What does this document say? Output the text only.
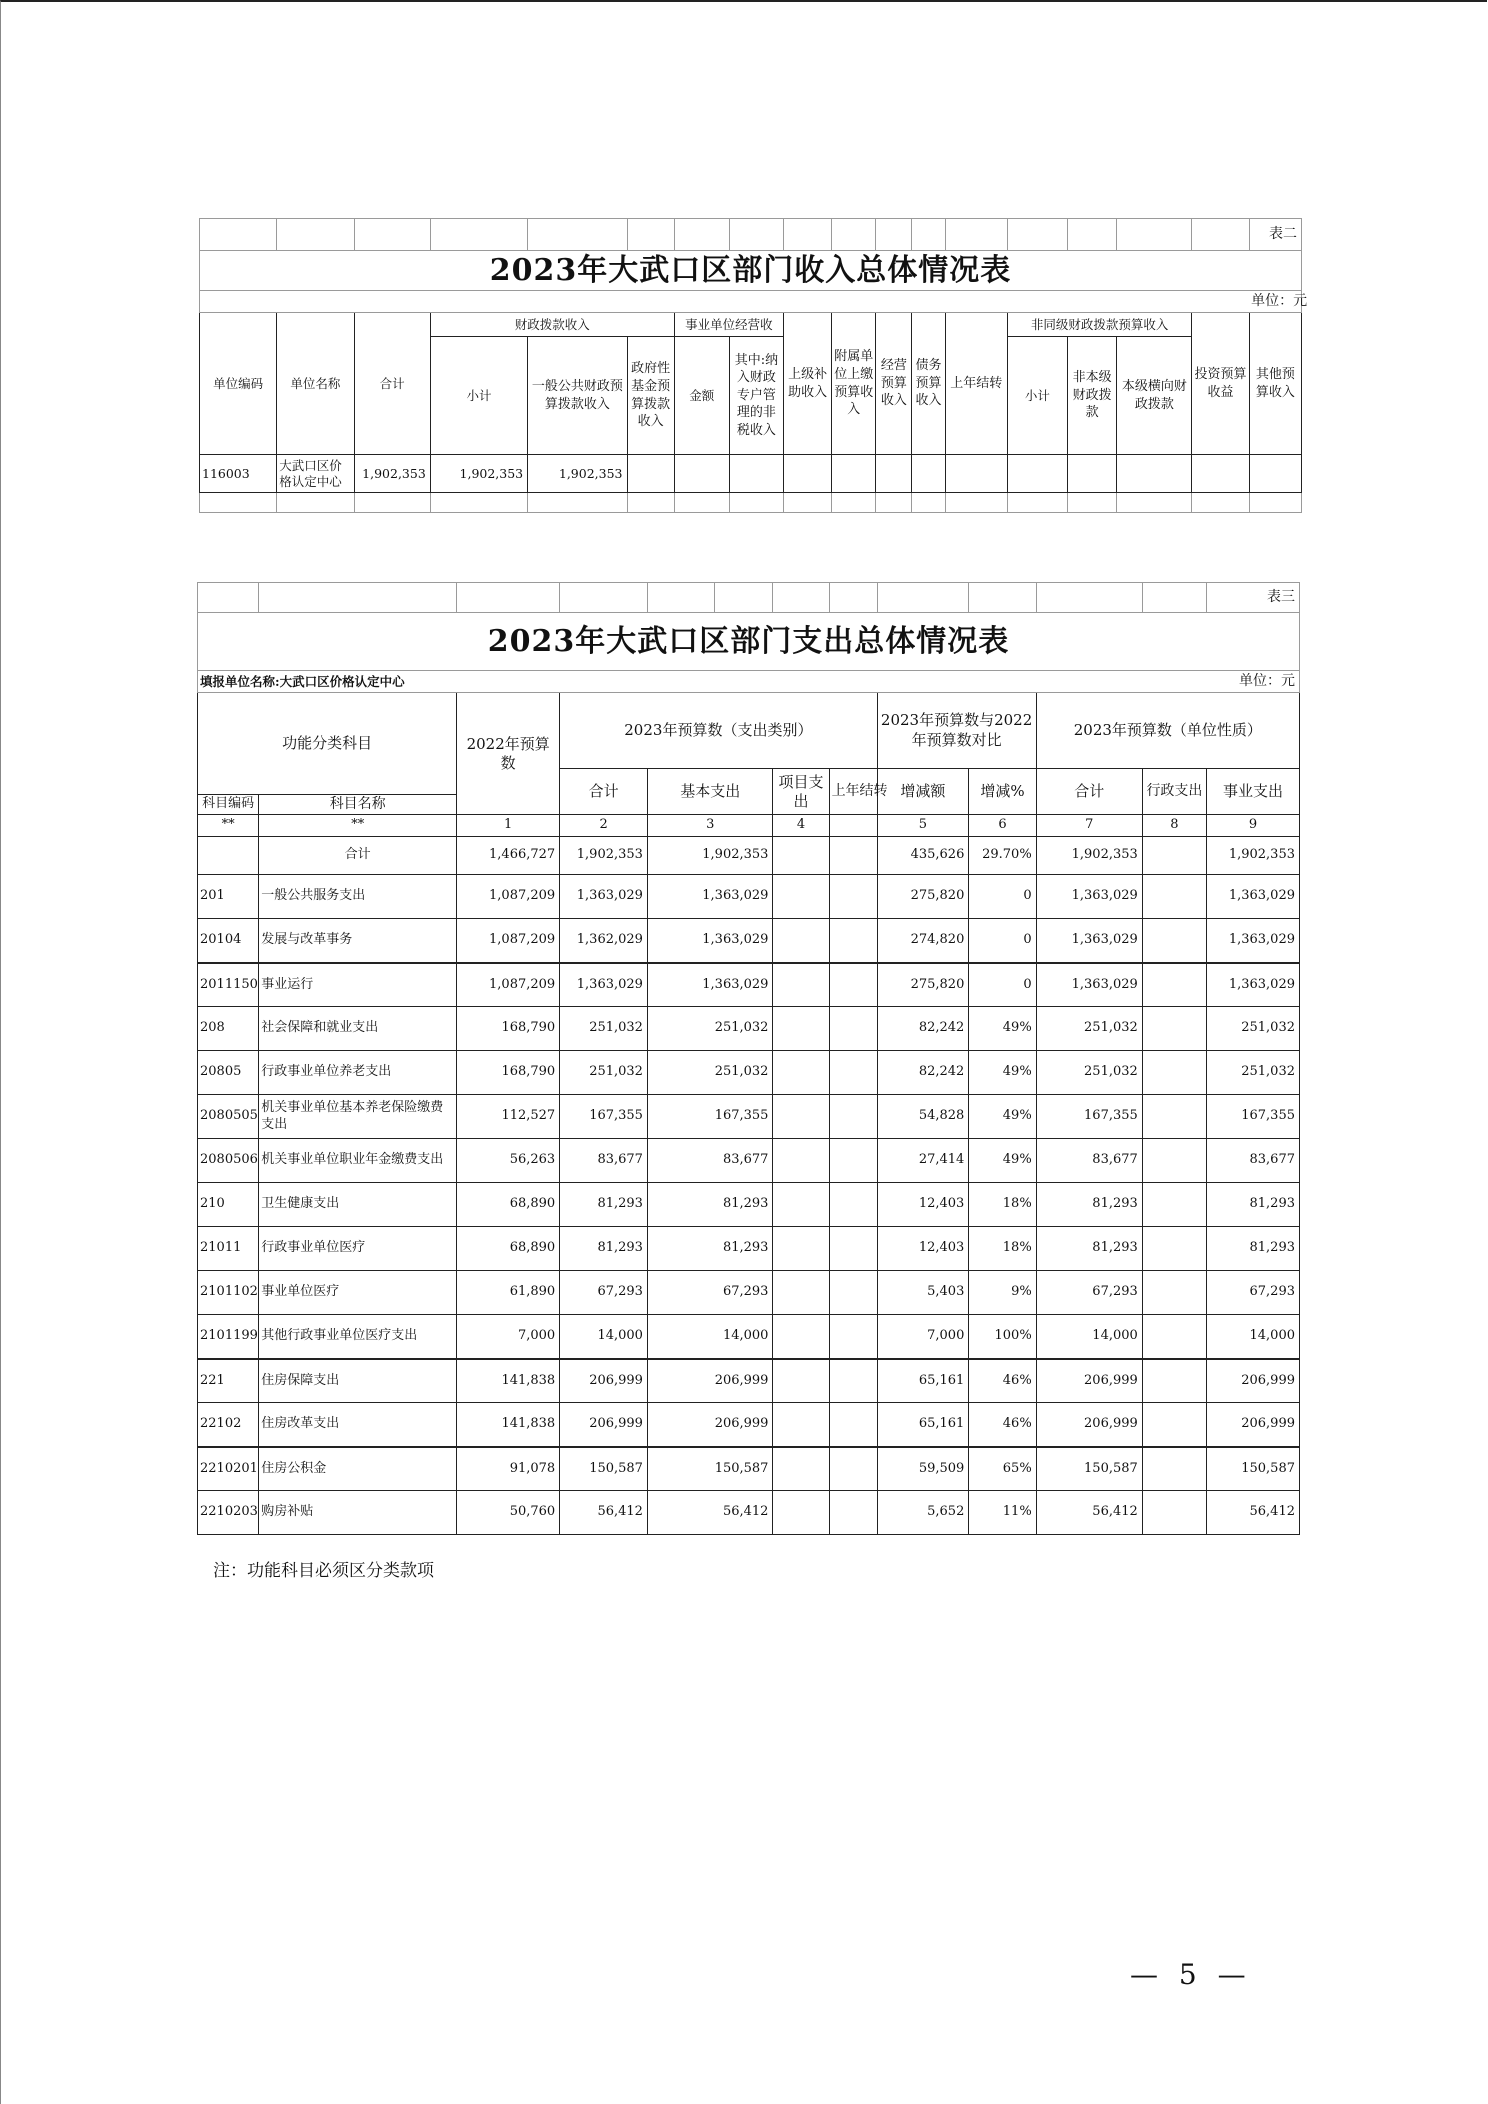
																	表二
2023年大武口区部门收入总体情况表																	
																	单位：元
单位编码	单位名称	合计	财政拨款收入			事业单位经营收		上级补助收入	附属单位上缴预算收入	经营预算收入	债务预算收入	上年结转	非同级财政拨款预算收入			投资预算收益	其他预算收入
			小计	一般公共财政预算拨款收入	政府性基金预算拨款收入	金额	其中:纳入财政专户管理的非税收入						小计	非本级财政拨款	本级横向财政拨款		
116003	大武口区价格认定中心	1,902,353	1,902,353	1,902,353													

												表三
2023年大武口区部门支出总体情况表												
填报单位名称:大武口区价格认定中心												单位：元
功能分类科目		2022年预算数	2023年预算数（支出类别）					2023年预算数与2022年预算数对比		2023年预算数（单位性质）		
			合计	基本支出		项目支出	上年结转	增减额	增减%	合计	行政支出	事业支出
科目编码	科目名称											
**	**	1	2	3		4		5	6	7	8	9
	合计	1,466,727	1,902,353	1,902,353				435,626	29.70%	1,902,353		1,902,353
201	一般公共服务支出	1,087,209	1,363,029	1,363,029				275,820	0	1,363,029		1,363,029
20104	发展与改革事务	1,087,209	1,362,029	1,363,029				274,820	0	1,363,029		1,363,029
2011150	事业运行	1,087,209	1,363,029	1,363,029				275,820	0	1,363,029		1,363,029
208	社会保障和就业支出	168,790	251,032	251,032				82,242	49%	251,032		251,032
20805	行政事业单位养老支出	168,790	251,032	251,032				82,242	49%	251,032		251,032
2080505	机关事业单位基本养老保险缴费支出	112,527	167,355	167,355				54,828	49%	167,355		167,355
2080506	机关事业单位职业年金缴费支出	56,263	83,677	83,677				27,414	49%	83,677		83,677
210	卫生健康支出	68,890	81,293	81,293				12,403	18%	81,293		81,293
21011	行政事业单位医疗	68,890	81,293	81,293				12,403	18%	81,293		81,293
2101102	事业单位医疗	61,890	67,293	67,293				5,403	9%	67,293		67,293
2101199	其他行政事业单位医疗支出	7,000	14,000	14,000				7,000	100%	14,000		14,000
221	住房保障支出	141,838	206,999	206,999				65,161	46%	206,999		206,999
22102	住房改革支出	141,838	206,999	206,999				65,161	46%	206,999		206,999
2210201	住房公积金	91,078	150,587	150,587				59,509	65%	150,587		150,587
2210203	购房补贴	50,760	56,412	56,412				5,652	11%	56,412		56,412
注：功能科目必须区分类款项
— 5 —
